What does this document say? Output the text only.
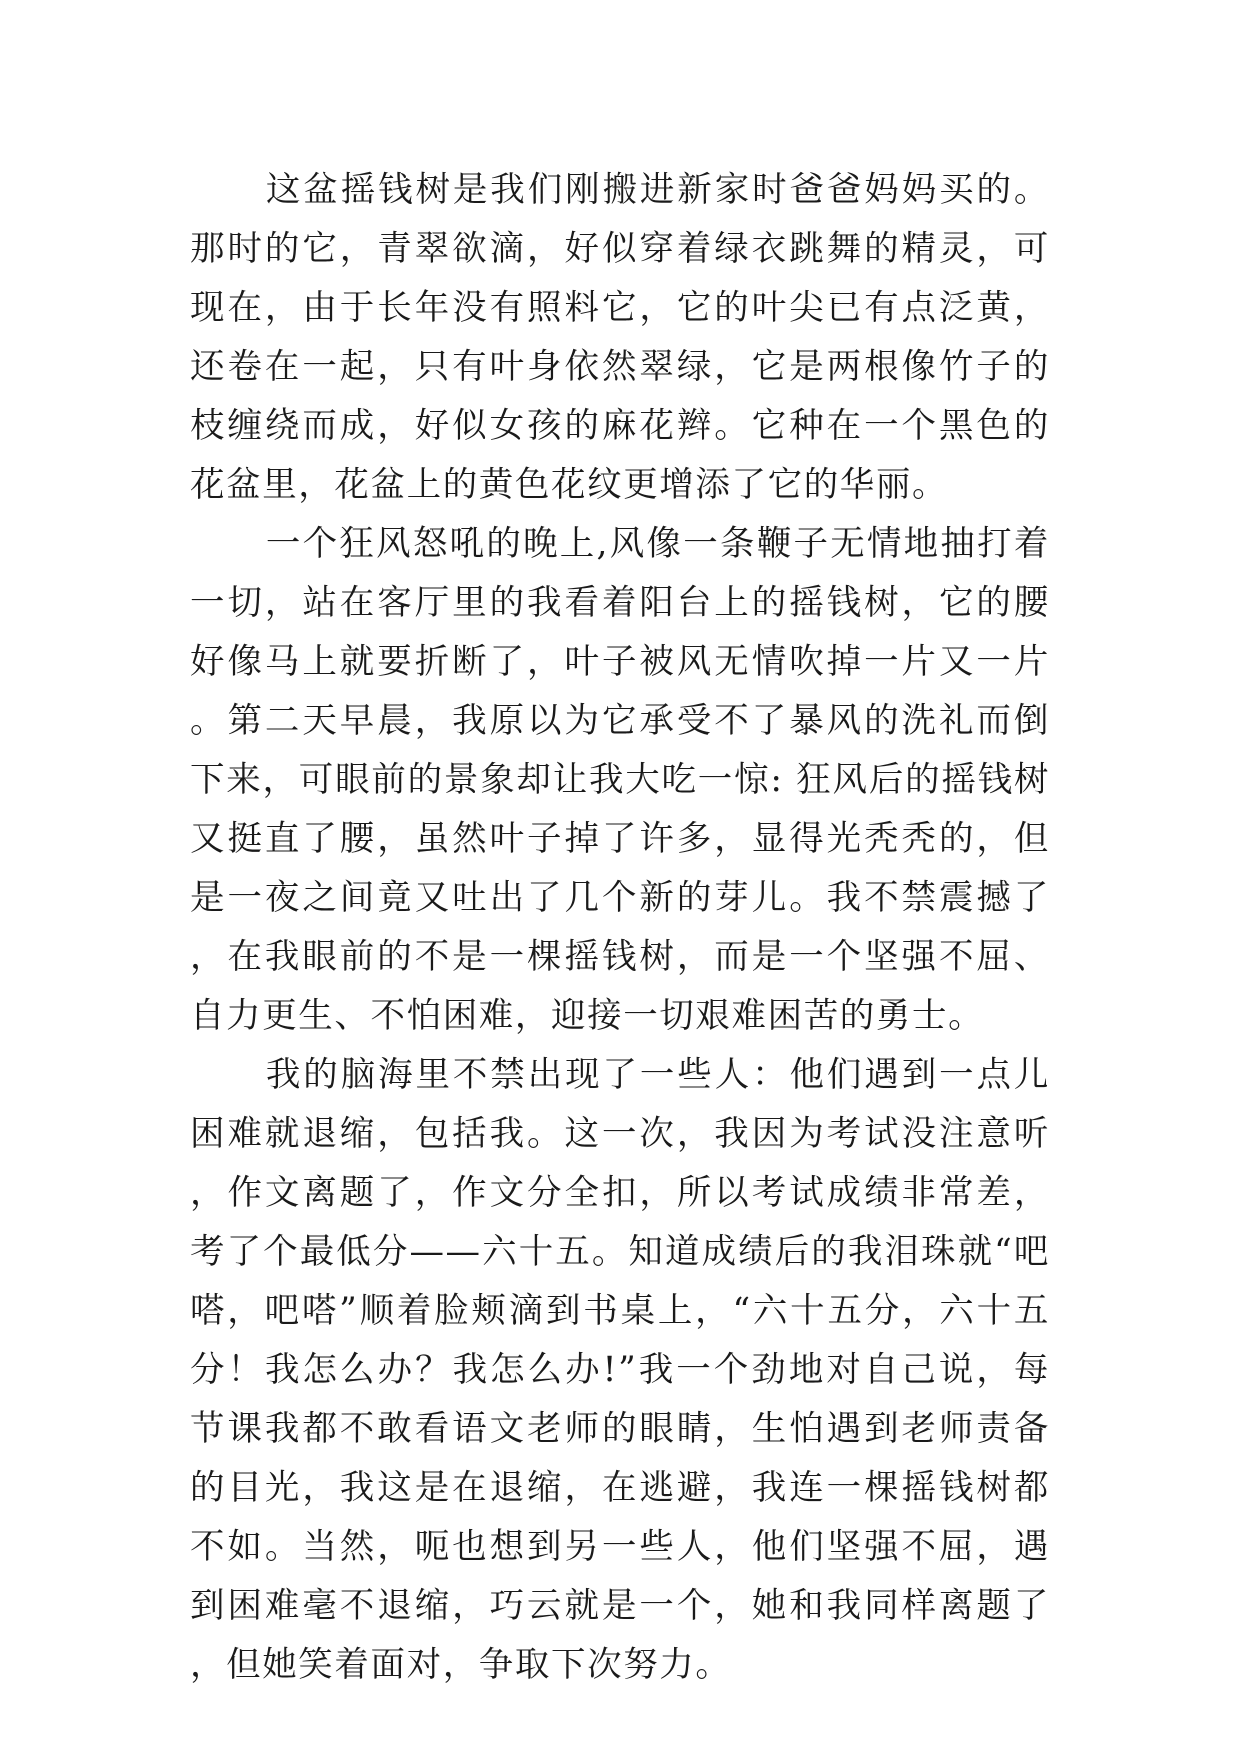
这盆摇钱树是我们刚搬进新家时爸爸妈妈买的。那时的它，青翠欲滴，好似穿着绿衣跳舞的精灵，可现在，由于长年没有照料它，它的叶尖已有点泛黄，还卷在一起，只有叶身依然翠绿，它是两根像竹子的枝缠绕而成，好似女孩的麻花辫。它种在一个黑色的花盆里，花盆上的黄色花纹更增添了它的华丽。

一个狂风怒吼的晚上,风像一条鞭子无情地抽打着一切，站在客厅里的我看着阳台上的摇钱树，它的腰好像马上就要折断了，叶子被风无情吹掉一片又一片。第二天早晨，我原以为它承受不了暴风的洗礼而倒下来，可眼前的景象却让我大吃一惊: 狂风后的摇钱树又挺直了腰，虽然叶子掉了许多，显得光秃秃的，但是一夜之间竟又吐出了几个新的芽儿。我不禁震撼了，在我眼前的不是一棵摇钱树，而是一个坚强不屈、自力更生、不怕困难，迎接一切艰难困苦的勇士。

我的脑海里不禁出现了一些人：他们遇到一点儿困难就退缩，包括我。这一次，我因为考试没注意听，作文离题了，作文分全扣，所以考试成绩非常差，考了个最低分——六十五。知道成绩后的我泪珠就“吧嗒，吧嗒”顺着脸颊滴到书桌上，“六十五分，六十五分！我怎么办？我怎么办!”我一个劲地对自己说，每节课我都不敢看语文老师的眼睛，生怕遇到老师责备的目光，我这是在退缩，在逃避，我连一棵摇钱树都不如。当然，呃也想到另一些人，他们坚强不屈，遇到困难毫不退缩，巧云就是一个，她和我同样离题了，但她笑着面对，争取下次努力。
